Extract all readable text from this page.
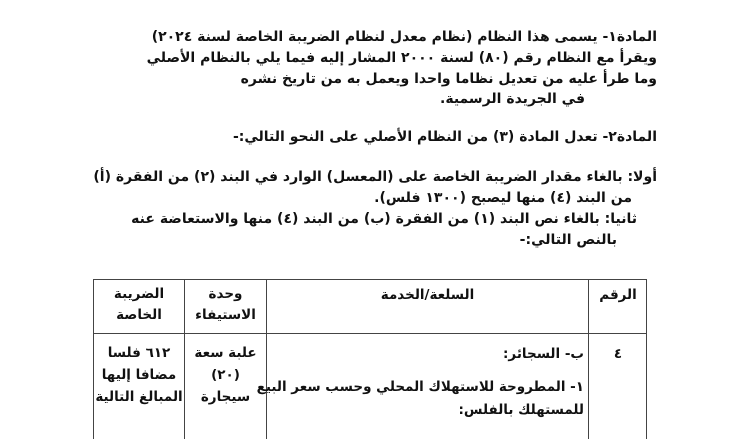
المادة١- يسمى هذا النظام (نظام معدل لنظام الضريبة الخاصة لسنة ٢٠٢٤)
ويقرأ مع النظام رقم (٨٠) لسنة ٢٠٠٠ المشار إليه فيما يلي بالنظام الأصلي
وما طرأ عليه من تعديل نظاما واحدا ويعمل به من تاريخ نشره
في الجريدة الرسمية.
المادة٢- تعدل المادة (٣) من النظام الأصلي على النحو التالي:-
أولا: بالغاء مقدار الضريبة الخاصة على (المعسل) الوارد في البند (٢) من الفقرة (أ)
من البند (٤) منها ليصبح (١٣٠٠ فلس).
ثانيا: بالغاء نص البند (١) من الفقرة (ب) من البند (٤) منها والاستعاضة عنه
بالنص التالي:-
الرقم
السلعة/الخدمة
وحدة
الاستيفاء
الضريبة
الخاصة
٤
ب- السجائر:
١- المطروحة للاستهلاك المحلي وحسب سعر البيع
للمستهلك بالفلس:
علبة سعة
(٢٠)
سيجارة
٦١٢ فلسا
مضافا إليها
المبالغ التالية
